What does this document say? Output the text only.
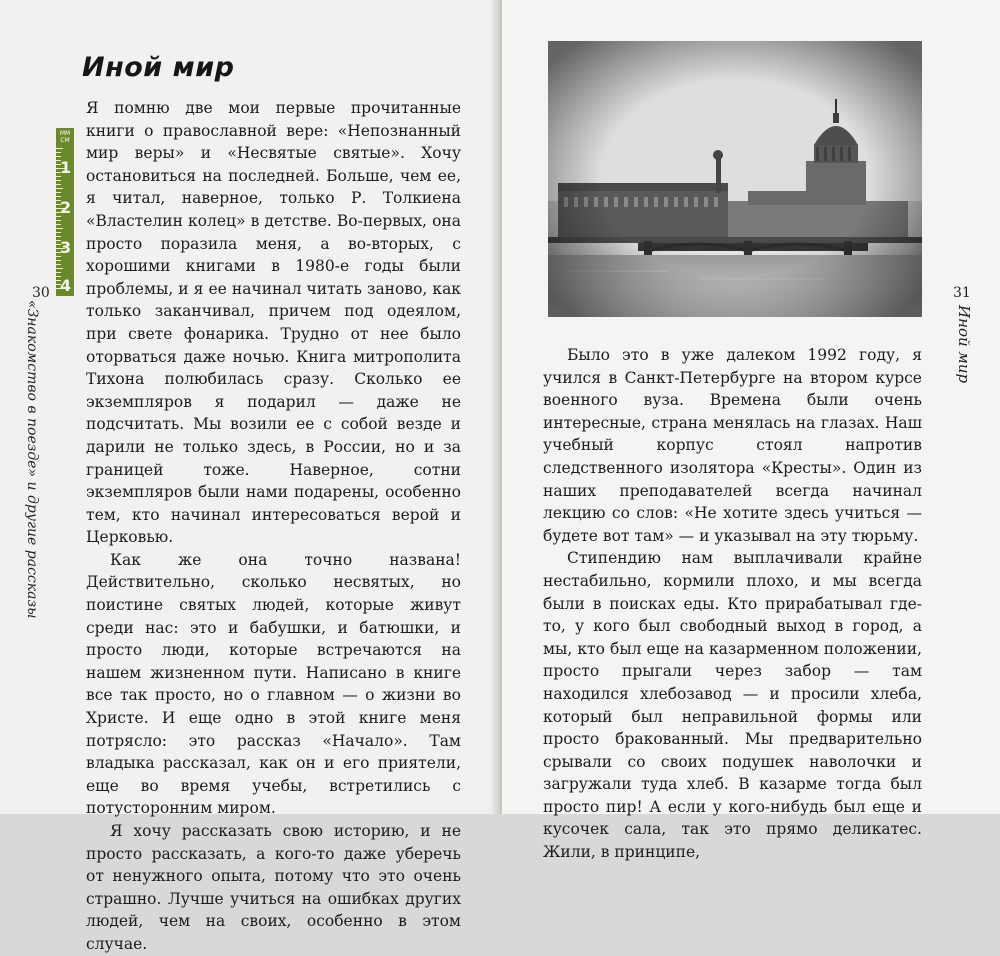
Иной мир
ММ СМ
1
2
3
4
30
«Знакомство в поезде» и другие рассказы

Я помню две мои первые прочитанные книги о православной вере: «Непознанный мир веры» и «Несвятые святые». Хочу остановиться на последней. Больше, чем ее, я читал, наверное, только Р. Толкиена «Властелин колец» в детстве. Во-первых, она просто поразила меня, а во-вторых, с хорошими книгами в 1980-е годы были проблемы, и я ее начинал читать заново, как только заканчивал, причем под одеялом, при свете фонарика. Трудно от нее было оторваться даже ночью. Книга митрополита Тихона полюбилась сразу. Сколько ее экземпляров я подарил — даже не подсчитать. Мы возили ее с собой везде и дарили не только здесь, в России, но и за границей тоже. Наверное, сотни экземпляров были нами подарены, особенно тем, кто начинал интересоваться верой и Церковью.

Как же она точно названа! Действительно, сколько несвятых, но поистине святых людей, которые живут среди нас: это и бабушки, и батюшки, и просто люди, которые встречаются на нашем жизненном пути. Написано в книге все так просто, но о главном — о жизни во Христе. И еще одно в этой книге меня потрясло: это рассказ «Начало». Там владыка рассказал, как он и его приятели, еще во время учебы, встретились с потусторонним миром.

Я хочу рассказать свою историю, и не просто рассказать, а кого-то даже уберечь от ненужного опыта, потому что это очень страшно. Лучше учиться на ошибках других людей, чем на своих, особенно в этом случае.

31
Иной мир

Было это в уже далеком 1992 году, я учился в Санкт-Петербурге на втором курсе военного вуза. Времена были очень интересные, страна менялась на глазах. Наш учебный корпус стоял напротив следственного изолятора «Кресты». Один из наших преподавателей всегда начинал лекцию со слов: «Не хотите здесь учиться — будете вот там» — и указывал на эту тюрьму.

Стипендию нам выплачивали крайне нестабильно, кормили плохо, и мы всегда были в поисках еды. Кто прирабатывал где-то, у кого был свободный выход в город, а мы, кто был еще на казарменном положении, просто прыгали через забор — там находился хлебозавод — и просили хлеба, который был неправильной формы или просто бракованный. Мы предварительно срывали со своих подушек наволочки и загружали туда хлеб. В казарме тогда был просто пир! А если у кого-нибудь был еще и кусочек сала, так это прямо деликатес. Жили, в принципе,
